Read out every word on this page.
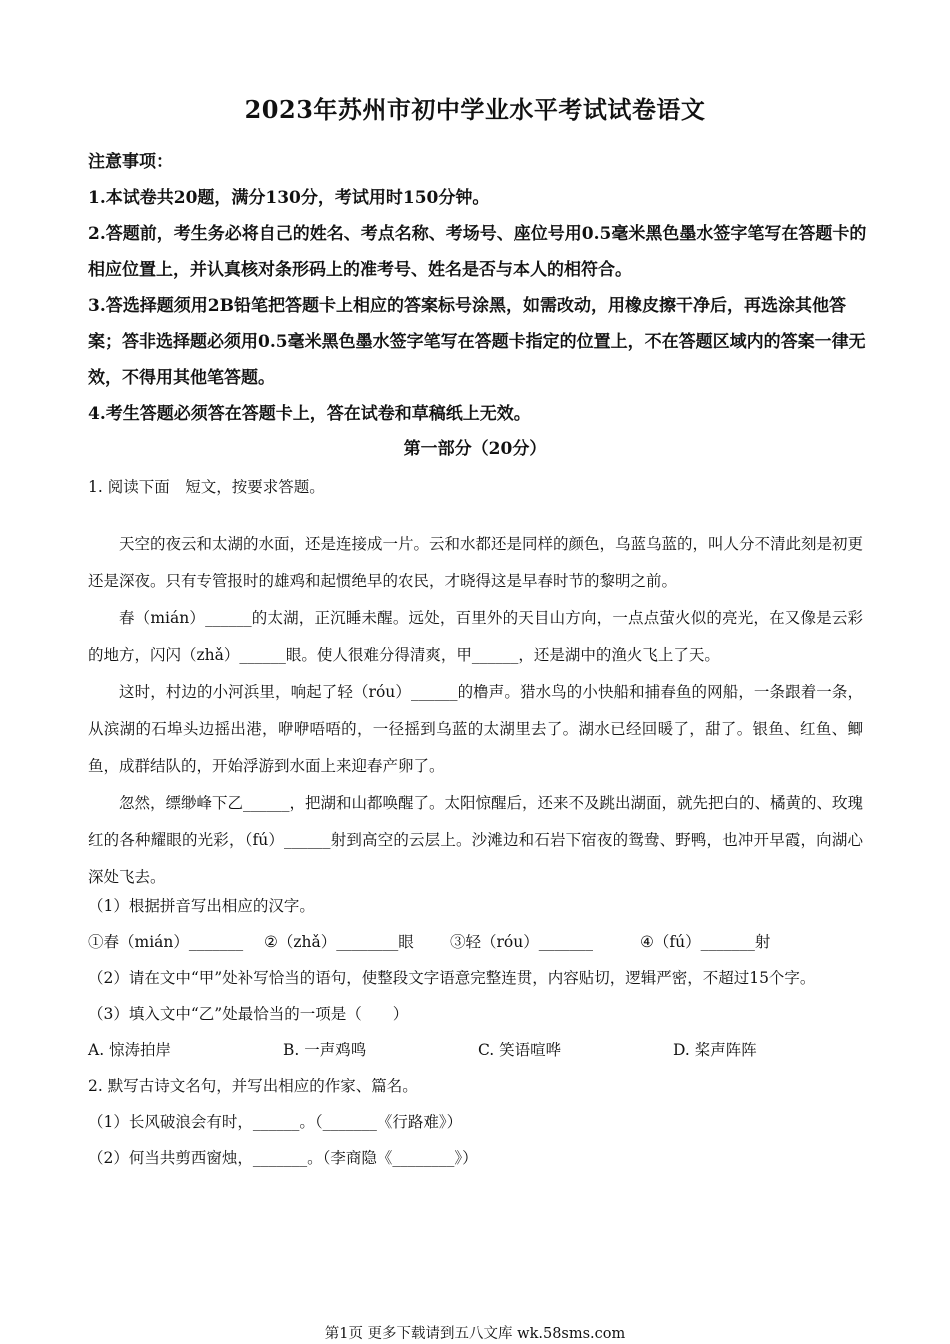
2023年苏州市初中学业水平考试试卷语文

注意事项：

1.本试卷共20题，满分130分，考试用时150分钟。

2.答题前，考生务必将自己的姓名、考点名称、考场号、座位号用0.5毫米黑色墨水签字笔写在答题卡的相应位置上，并认真核对条形码上的准考号、姓名是否与本人的相符合。

3.答选择题须用2B铅笔把答题卡上相应的答案标号涂黑，如需改动，用橡皮擦干净后，再选涂其他答案；答非选择题必须用0.5毫米黑色墨水签字笔写在答题卡指定的位置上，不在答题区域内的答案一律无效，不得用其他笔答题。

4.考生答题必须答在答题卡上，答在试卷和草稿纸上无效。

第一部分（20分）
1. 阅读下面　短文，按要求答题。

天空的夜云和太湖的水面，还是连接成一片。云和水都还是同样的颜色，乌蓝乌蓝的，叫人分不清此刻是初更还是深夜。只有专管报时的雄鸡和起惯绝早的农民，才晓得这是早春时节的黎明之前。

春（mián）______的太湖，正沉睡未醒。远处，百里外的天目山方向，一点点萤火似的亮光，在又像是云彩的地方，闪闪（zhǎ）______眼。使人很难分得清爽，甲______，还是湖中的渔火飞上了天。

这时，村边的小河浜里，响起了轻（róu）______的橹声。猎水鸟的小快船和捕春鱼的网船，一条跟着一条，从滨湖的石埠头边摇出港，咿咿唔唔的，一径摇到乌蓝的太湖里去了。湖水已经回暖了，甜了。银鱼、红鱼、鲫鱼，成群结队的，开始浮游到水面上来迎春产卵了。

忽然，缥缈峰下乙______，把湖和山都唤醒了。太阳惊醒后，还来不及跳出湖面，就先把白的、橘黄的、玫瑰红的各种耀眼的光彩，（fú）______射到高空的云层上。沙滩边和石岩下宿夜的鸳鸯、野鸭，也冲开早霞，向湖心深处飞去。

（1）根据拼音写出相应的汉字。

①春（mián）_______	②（zhǎ）________眼	③轻（róu）_______	④（fú）_______射

（2）请在文中“甲”处补写恰当的语句，使整段文字语意完整连贯，内容贴切，逻辑严密，不超过15个字。

（3）填入文中“乙”处最恰当的一项是（　　）

A. 惊涛拍岸	B. 一声鸡鸣	C. 笑语喧哗	D. 桨声阵阵

2. 默写古诗文名句，并写出相应的作家、篇名。

（1）长风破浪会有时，______。（_______《行路难》）

（2）何当共剪西窗烛，_______。（李商隐《________》）

第1页 更多下载请到五八文库 wk.58sms.com
